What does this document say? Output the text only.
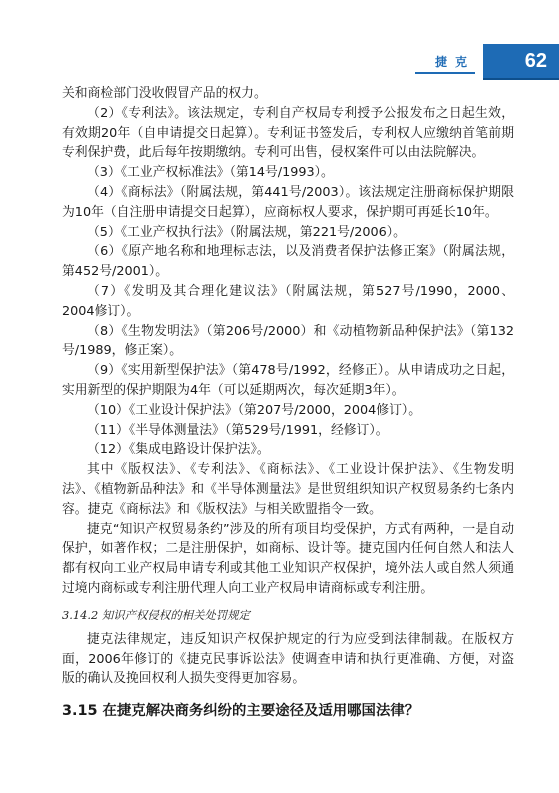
捷克 62

关和商检部门没收假冒产品的权力。

（2）《专利法》。该法规定，专利自产权局专利授予公报发布之日起生效，有效期20年（自申请提交日起算）。专利证书签发后，专利权人应缴纳首笔前期专利保护费，此后每年按期缴纳。专利可出售，侵权案件可以由法院解决。

（3）《工业产权标准法》（第14号/1993）。

（4）《商标法》（附属法规，第441号/2003）。该法规定注册商标保护期限为10年（自注册申请提交日起算），应商标权人要求，保护期可再延长10年。

（5）《工业产权执行法》（附属法规，第221号/2006）。

（6）《原产地名称和地理标志法，以及消费者保护法修正案》（附属法规，第452号/2001）。

（7）《发明及其合理化建议法》（附属法规，第527号/1990，2000、2004修订）。

（8）《生物发明法》（第206号/2000）和《动植物新品种保护法》（第132号/1989，修正案）。

（9）《实用新型保护法》（第478号/1992，经修正）。从申请成功之日起，实用新型的保护期限为4年（可以延期两次，每次延期3年）。

（10）《工业设计保护法》（第207号/2000，2004修订）。

（11）《半导体测量法》（第529号/1991，经修订）。

（12）《集成电路设计保护法》。

其中《版权法》、《专利法》、《商标法》、《工业设计保护法》、《生物发明法》、《植物新品种法》和《半导体测量法》是世贸组织知识产权贸易条约七条内容。捷克《商标法》和《版权法》与相关欧盟指令一致。

捷克“知识产权贸易条约”涉及的所有项目均受保护，方式有两种，一是自动保护，如著作权；二是注册保护，如商标、设计等。捷克国内任何自然人和法人都有权向工业产权局申请专利或其他工业知识产权保护，境外法人或自然人须通过境内商标或专利注册代理人向工业产权局申请商标或专利注册。

3.14.2 知识产权侵权的相关处罚规定

捷克法律规定，违反知识产权保护规定的行为应受到法律制裁。在版权方面，2006年修订的《捷克民事诉讼法》使调查申请和执行更准确、方便，对盗版的确认及挽回权利人损失变得更加容易。

3.15 在捷克解决商务纠纷的主要途径及适用哪国法律？
